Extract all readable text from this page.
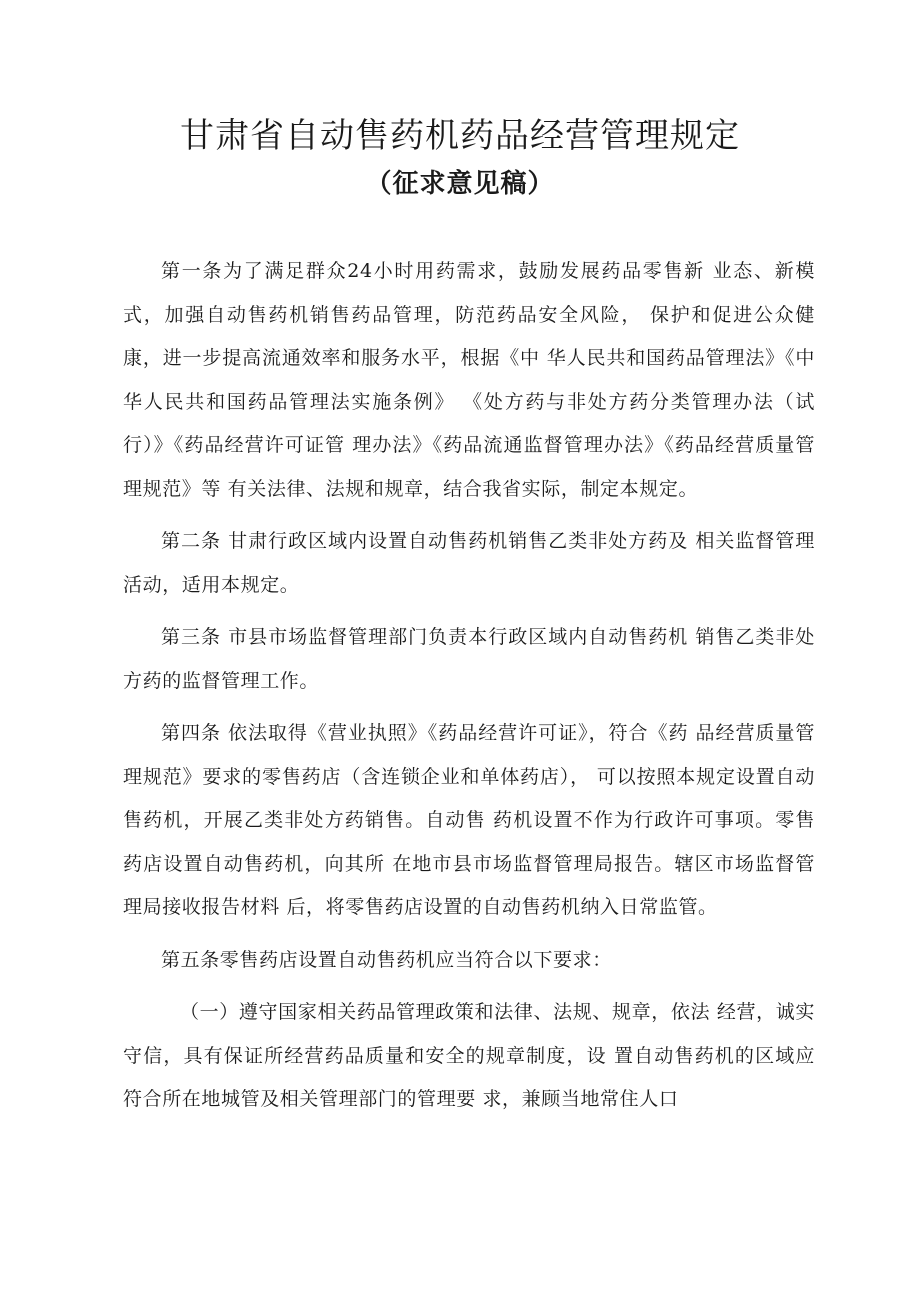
甘肃省自动售药机药品经营管理规定
（征求意见稿）

第一条为了满足群众24小时用药需求，鼓励发展药品零售新 业态、新模式，加强自动售药机销售药品管理，防范药品安全风险， 保护和促进公众健康，进一步提高流通效率和服务水平，根据《中 华人民共和国药品管理法》《中华人民共和国药品管理法实施条例》 《处方药与非处方药分类管理办法（试行）》《药品经营许可证管 理办法》《药品流通监督管理办法》《药品经营质量管理规范》等 有关法律、法规和规章，结合我省实际，制定本规定。

第二条 甘肃行政区域内设置自动售药机销售乙类非处方药及 相关监督管理活动，适用本规定。

第三条 市县市场监督管理部门负责本行政区域内自动售药机 销售乙类非处方药的监督管理工作。

第四条 依法取得《营业执照》《药品经营许可证》，符合《药 品经营质量管理规范》要求的零售药店（含连锁企业和单体药店）， 可以按照本规定设置自动售药机，开展乙类非处方药销售。自动售 药机设置不作为行政许可事项。零售药店设置自动售药机，向其所 在地市县市场监督管理局报告。辖区市场监督管理局接收报告材料 后，将零售药店设置的自动售药机纳入日常监管。

第五条零售药店设置自动售药机应当符合以下要求：

（一）遵守国家相关药品管理政策和法律、法规、规章，依法 经营，诚实守信，具有保证所经营药品质量和安全的规章制度，设 置自动售药机的区域应符合所在地城管及相关管理部门的管理要 求，兼顾当地常住人口
